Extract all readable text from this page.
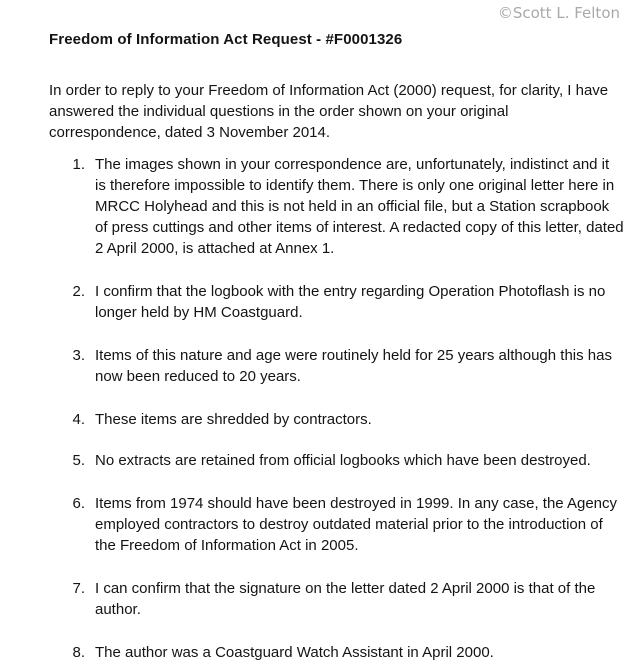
©Scott L. Felton
Freedom of Information Act Request - #F0001326
In order to reply to your Freedom of Information Act (2000) request, for clarity, I have answered the individual questions in the order shown on your original correspondence, dated 3 November 2014.
1. The images shown in your correspondence are, unfortunately, indistinct and it is therefore impossible to identify them. There is only one original letter here in MRCC Holyhead and this is not held in an official file, but a Station scrapbook of press cuttings and other items of interest. A redacted copy of this letter, dated 2 April 2000, is attached at Annex 1.
2. I confirm that the logbook with the entry regarding Operation Photoflash is no longer held by HM Coastguard.
3. Items of this nature and age were routinely held for 25 years although this has now been reduced to 20 years.
4. These items are shredded by contractors.
5. No extracts are retained from official logbooks which have been destroyed.
6. Items from 1974 should have been destroyed in 1999. In any case, the Agency employed contractors to destroy outdated material prior to the introduction of the Freedom of Information Act in 2005.
7. I can confirm that the signature on the letter dated 2 April 2000 is that of the author.
8. The author was a Coastguard Watch Assistant in April 2000.
